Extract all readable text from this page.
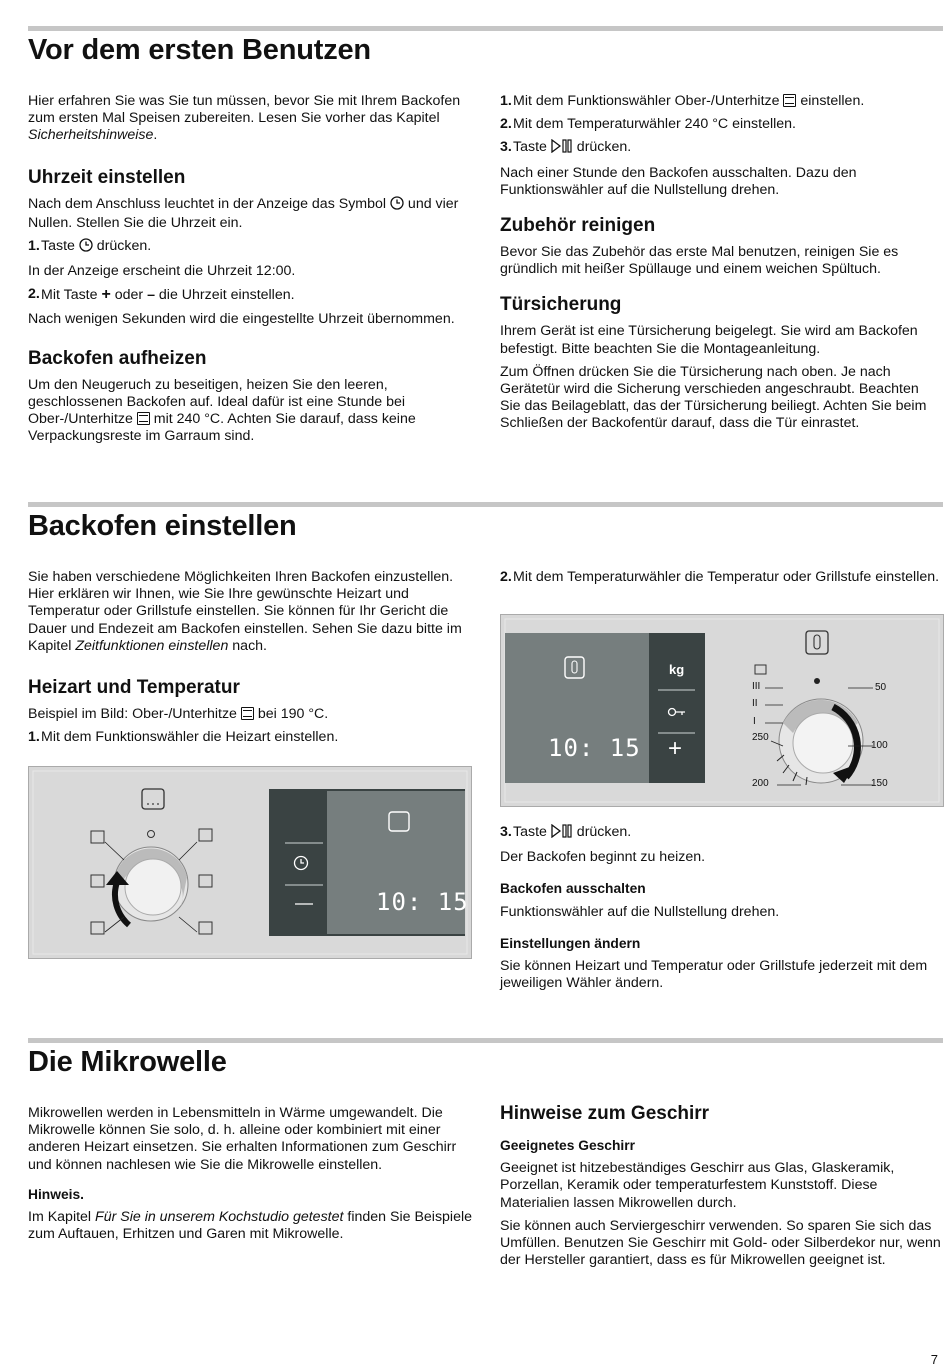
Vor dem ersten Benutzen

Hier erfahren Sie was Sie tun müssen, bevor Sie mit Ihrem Backofen zum ersten Mal Speisen zubereiten. Lesen Sie vorher das Kapitel Sicherheitshinweise.

Uhrzeit einstellen

Nach dem Anschluss leuchtet in der Anzeige das Symbol  und vier Nullen. Stellen Sie die Uhrzeit ein.

1. Taste  drücken.

In der Anzeige erscheint die Uhrzeit 12:00.

2. Mit Taste + oder – die Uhrzeit einstellen.

Nach wenigen Sekunden wird die eingestellte Uhrzeit übernommen.

Backofen aufheizen

Um den Neugeruch zu beseitigen, heizen Sie den leeren, geschlossenen Backofen auf. Ideal dafür ist eine Stunde bei Ober-/Unterhitze  mit 240 °C. Achten Sie darauf, dass keine Verpackungsreste im Garraum sind.

1. Mit dem Funktionswähler Ober-/Unterhitze  einstellen.
2. Mit dem Temperaturwähler 240 °C einstellen.
3. Taste  drücken.

Nach einer Stunde den Backofen ausschalten. Dazu den Funktionswähler auf die Nullstellung drehen.

Zubehör reinigen

Bevor Sie das Zubehör das erste Mal benutzen, reinigen Sie es gründlich mit heißer Spüllauge und einem weichen Spültuch.

Türsicherung

Ihrem Gerät ist eine Türsicherung beigelegt. Sie wird am Backofen befestigt. Bitte beachten Sie die Montageanleitung.

Zum Öffnen drücken Sie die Türsicherung nach oben. Je nach Gerätetür wird die Sicherung verschieden angeschraubt. Beachten Sie das Beilageblatt, das der Türsicherung beiliegt. Achten Sie beim Schließen der Backofentür darauf, dass die Tür einrastet.

Backofen einstellen

Sie haben verschiedene Möglichkeiten Ihren Backofen einzustellen. Hier erklären wir Ihnen, wie Sie Ihre gewünschte Heizart und Temperatur oder Grillstufe einstellen. Sie können für Ihr Gericht die Dauer und Endezeit am Backofen einstellen. Sehen Sie dazu bitte im Kapitel Zeitfunktionen einstellen nach.

Heizart und Temperatur

Beispiel im Bild: Ober-/Unterhitze  bei 190 °C.

1. Mit dem Funktionswähler die Heizart einstellen.
10: 15
2. Mit dem Temperaturwähler die Temperatur oder Grillstufe einstellen.
kg
+
10: 15
III
II
I
250
200
50
100
150
3. Taste  drücken.

Der Backofen beginnt zu heizen.

Backofen ausschalten

Funktionswähler auf die Nullstellung drehen.

Einstellungen ändern

Sie können Heizart und Temperatur oder Grillstufe jederzeit mit dem jeweiligen Wähler ändern.

Die Mikrowelle

Mikrowellen werden in Lebensmitteln in Wärme umgewandelt. Die Mikrowelle können Sie solo, d. h. alleine oder kombiniert mit einer anderen Heizart einsetzen. Sie erhalten Informationen zum Geschirr und können nachlesen wie Sie die Mikrowelle einstellen.

Hinweis.

Im Kapitel Für Sie in unserem Kochstudio getestet finden Sie Beispiele zum Auftauen, Erhitzen und Garen mit Mikrowelle.

Hinweise zum Geschirr
Geeignetes Geschirr

Geeignet ist hitzebeständiges Geschirr aus Glas, Glaskeramik, Porzellan, Keramik oder temperaturfestem Kunststoff. Diese Materialien lassen Mikrowellen durch.

Sie können auch Serviergeschirr verwenden. So sparen Sie sich das Umfüllen. Benutzen Sie Geschirr mit Gold- oder Silberdekor nur, wenn der Hersteller garantiert, dass es für Mikrowellen geeignet ist.

7
